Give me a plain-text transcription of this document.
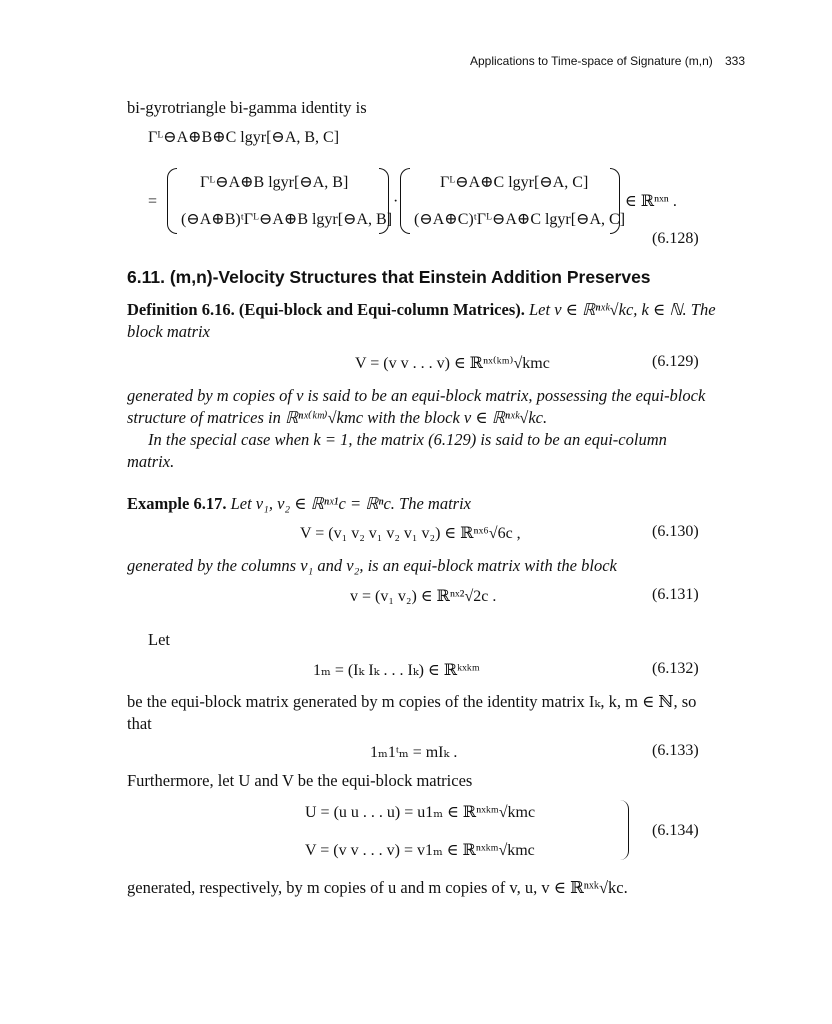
Applications to Time-space of Signature (m,n) 333
bi-gyrotriangle bi-gamma identity is
Γᴸ⊖A⊕B⊕C lgyr[⊖A, B, C]
=
Γᴸ⊖A⊕B lgyr[⊖A, B]
(⊖A⊕B)ᵗΓᴸ⊖A⊕B lgyr[⊖A, B]
·
Γᴸ⊖A⊕C lgyr[⊖A, C]
(⊖A⊕C)ᵗΓᴸ⊖A⊕C lgyr[⊖A, C]
∈ ℝⁿˣⁿ .
(6.128)
6.11. (m,n)-Velocity Structures that Einstein Addition Preserves
Definition 6.16. (Equi-block and Equi-column Matrices). Let v ∈ ℝⁿˣᵏ√kc, k ∈ ℕ. The
block matrix
V = (v v . . . v) ∈ ℝⁿˣ⁽ᵏᵐ⁾√kmc	(6.129)
generated by m copies of v is said to be an equi-block matrix, possessing the equi-block
structure of matrices in ℝⁿˣ⁽ᵏᵐ⁾√kmc with the block v ∈ ℝⁿˣᵏ√kc.
In the special case when k = 1, the matrix (6.129) is said to be an equi-column
matrix.
Example 6.17. Let v₁, v₂ ∈ ℝⁿˣ¹c = ℝⁿc. The matrix
V = (v₁ v₂ v₁ v₂ v₁ v₂) ∈ ℝⁿˣ⁶√6c ,	(6.130)
generated by the columns v₁ and v₂, is an equi-block matrix with the block
v = (v₁ v₂) ∈ ℝⁿˣ²√2c .	(6.131)
Let
1ₘ = (Iₖ Iₖ . . . Iₖ) ∈ ℝᵏˣᵏᵐ	(6.132)
be the equi-block matrix generated by m copies of the identity matrix Iₖ, k, m ∈ ℕ, so
that
1ₘ1ᵗₘ = mIₖ .	(6.133)
Furthermore, let U and V be the equi-block matrices
U = (u u . . . u) = u1ₘ ∈ ℝⁿˣᵏᵐ√kmc
V = (v v . . . v) = v1ₘ ∈ ℝⁿˣᵏᵐ√kmc
(6.134)
generated, respectively, by m copies of u and m copies of v, u, v ∈ ℝⁿˣᵏ√kc.
